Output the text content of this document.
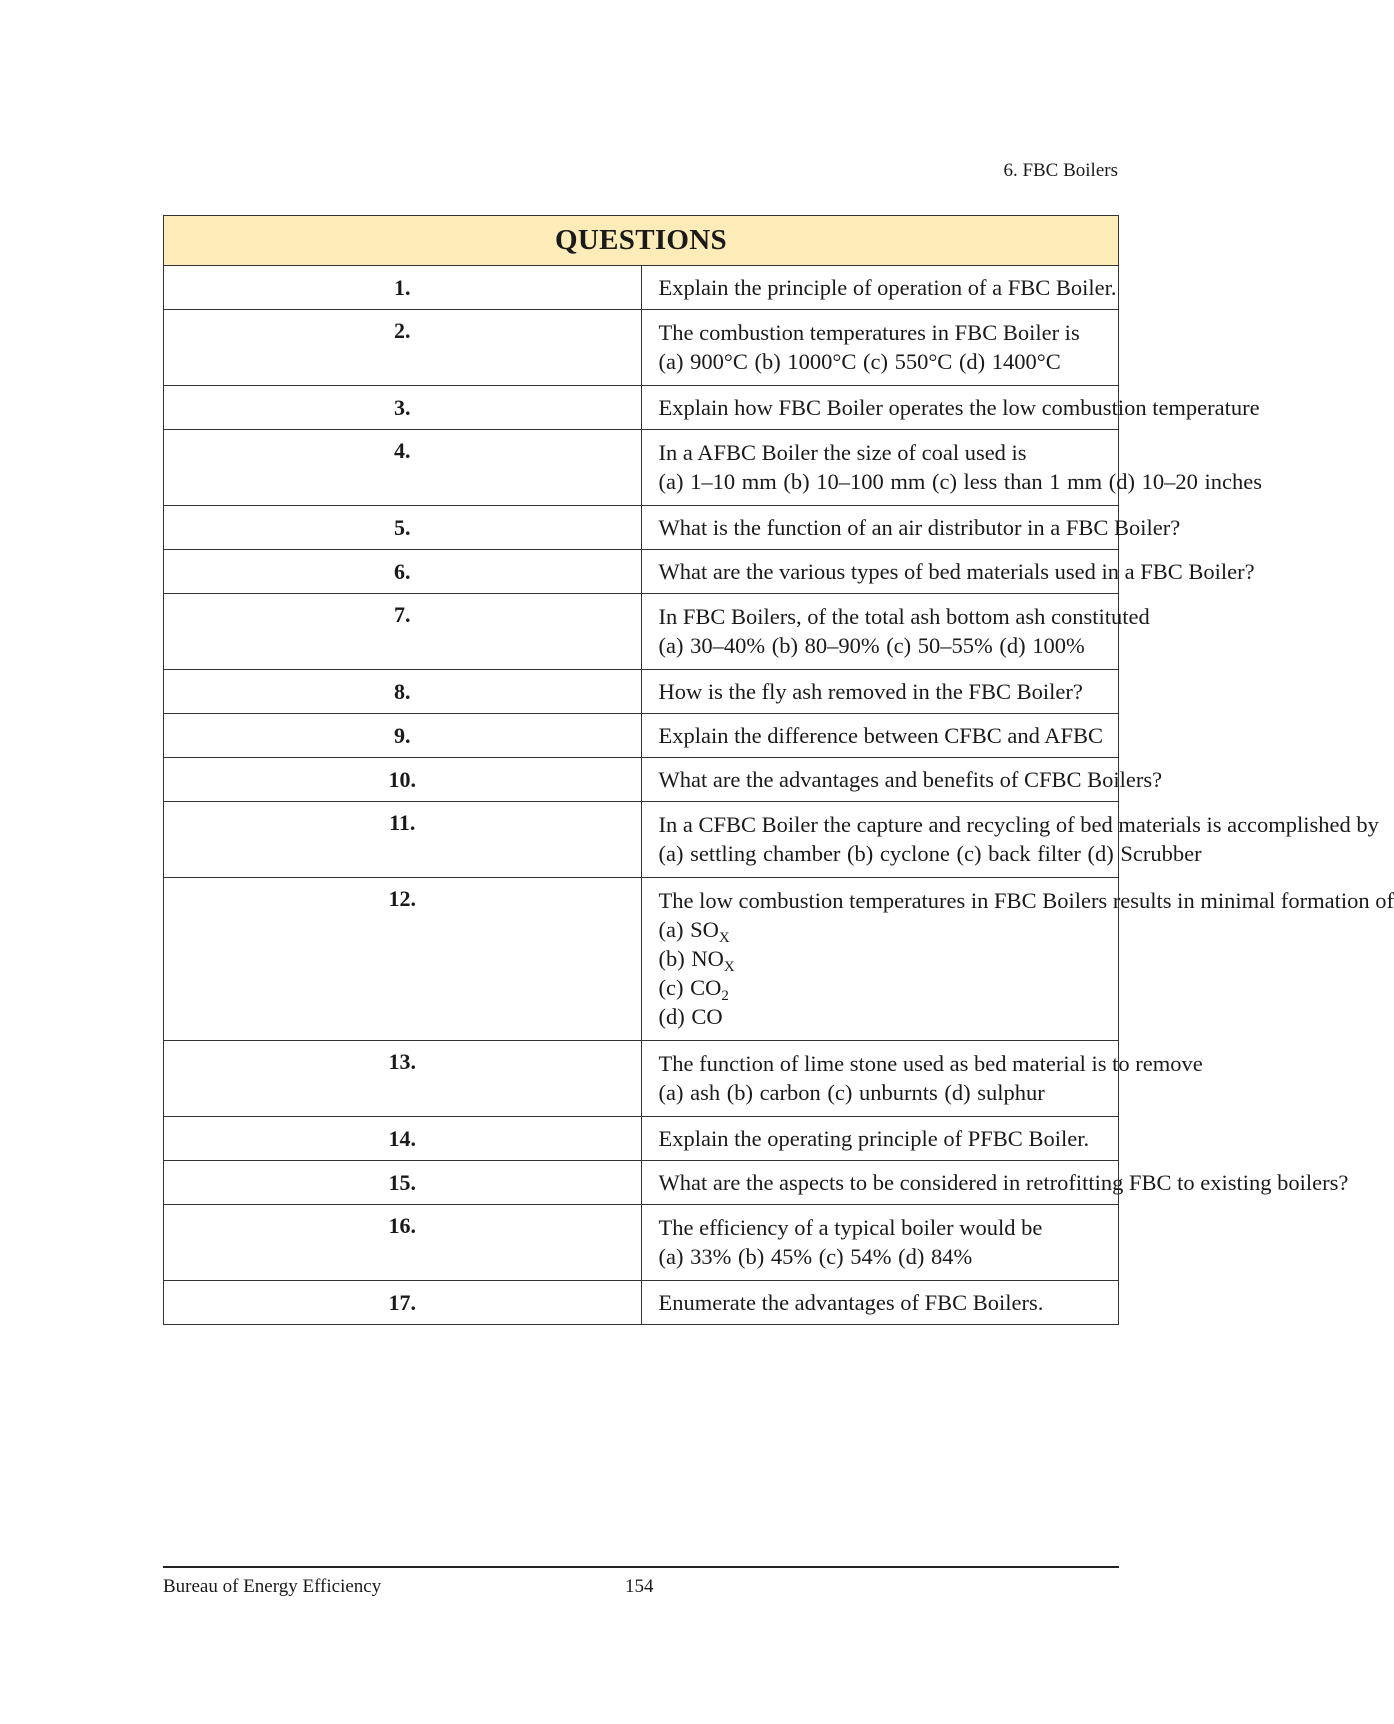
6. FBC Boilers
QUESTIONS	
1.	Explain the principle of operation of a FBC Boiler.

2.	The combustion temperatures in FBC Boiler is
(a) 900°C (b) 1000°C (c) 550°C (d) 1400°C

3.	Explain how FBC Boiler operates the low combustion temperature

4.	In a AFBC Boiler the size of coal used is
(a) 1–10 mm (b) 10–100 mm (c) less than 1 mm (d) 10–20 inches

5.	What is the function of an air distributor in a FBC Boiler?

6.	What are the various types of bed materials used in a FBC Boiler?

7.	In FBC Boilers, of the total ash bottom ash constituted
(a) 30–40% (b) 80–90% (c) 50–55% (d) 100%

8.	How is the fly ash removed in the FBC Boiler?

9.	Explain the difference between CFBC and AFBC

10.	What are the advantages and benefits of CFBC Boilers?

11.	In a CFBC Boiler the capture and recycling of bed materials is accomplished by
(a) settling chamber (b) cyclone (c) back filter (d) Scrubber

12.	The low combustion temperatures in FBC Boilers results in minimal formation of
(a) $SO_X$
(b) $NO_X$
(c) $CO_2$
(d) CO

13.	The function of lime stone used as bed material is to remove
(a) ash (b) carbon (c) unburnts (d) sulphur

14.	Explain the operating principle of PFBC Boiler.

15.	What are the aspects to be considered in retrofitting FBC to existing boilers?

16.	The efficiency of a typical boiler would be
(a) 33% (b) 45% (c) 54% (d) 84%

17.	Enumerate the advantages of FBC Boilers.
Bureau of Energy Efficiency	154
